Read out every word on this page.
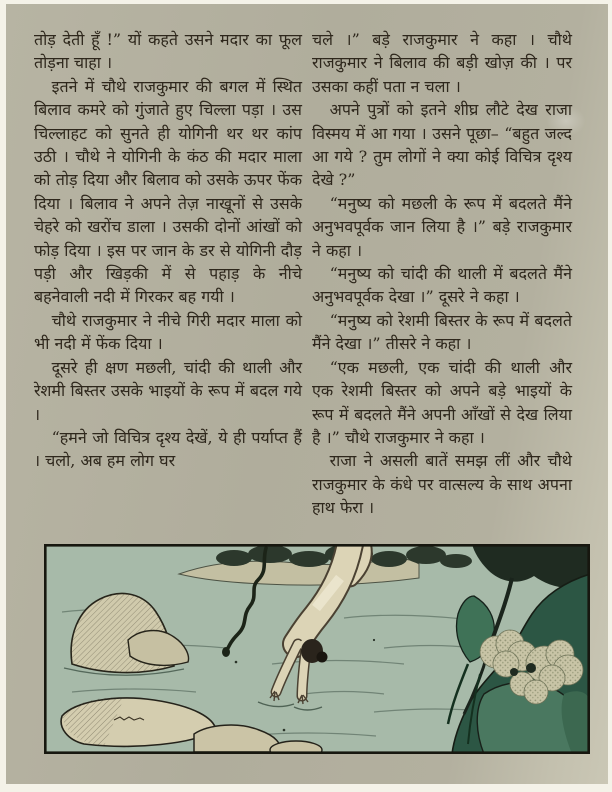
तोड़ देती हूँ !” यों कहते उसने मदार का फूल तोड़ना चाहा ।

इतने में चौथे राजकुमार की बगल में स्थित बिलाव कमरे को गुंजाते हुए चिल्ला पड़ा । उस चिल्लाहट को सुनते ही योगिनी थर थर कांप उठी । चौथे ने योगिनी के कंठ की मदार माला को तोड़ दिया और बिलाव को उसके ऊपर फेंक दिया । बिलाव ने अपने तेज़ नाखूनों से उसके चेहरे को खरोंच डाला । उसकी दोनों आंखों को फोड़ दिया । इस पर जान के डर से योगिनी दौड़ पड़ी और खिड़की में से पहाड़ के नीचे बहनेवाली नदी में गिरकर बह गयी ।

चौथे राजकुमार ने नीचे गिरी मदार माला को भी नदी में फेंक दिया ।

दूसरे ही क्षण मछली, चांदी की थाली और रेशमी बिस्तर उसके भाइयों के रूप में बदल गये ।

“हमने जो विचित्र दृश्य देखें, ये ही पर्याप्त हैं । चलो, अब हम लोग घर

चले ।” बड़े राजकुमार ने कहा । चौथे राजकुमार ने बिलाव की बड़ी खोज़ की । पर उसका कहीं पता न चला ।

अपने पुत्रों को इतने शीघ्र लौटे देख राजा विस्मय में आ गया । उसने पूछा– “बहुत जल्द आ गये ? तुम लोगों ने क्या कोई विचित्र दृश्य देखे ?”

“मनुष्य को मछली के रूप में बदलते मैंने अनुभवपूर्वक जान लिया है ।” बड़े राजकुमार ने कहा ।

“मनुष्य को चांदी की थाली में बदलते मैंने अनुभवपूर्वक देखा ।” दूसरे ने कहा ।

“मनुष्य को रेशमी बिस्तर के रूप में बदलते मैंने देखा ।” तीसरे ने कहा ।

“एक मछली, एक चांदी की थाली और एक रेशमी बिस्तर को अपने बड़े भाइयों के रूप में बदलते मैंने अपनी आँखों से देख लिया है ।” चौथे राजकुमार ने कहा ।

राजा ने असली बातें समझ लीं और चौथे राजकुमार के कंधे पर वात्सल्य के साथ अपना हाथ फेरा ।
